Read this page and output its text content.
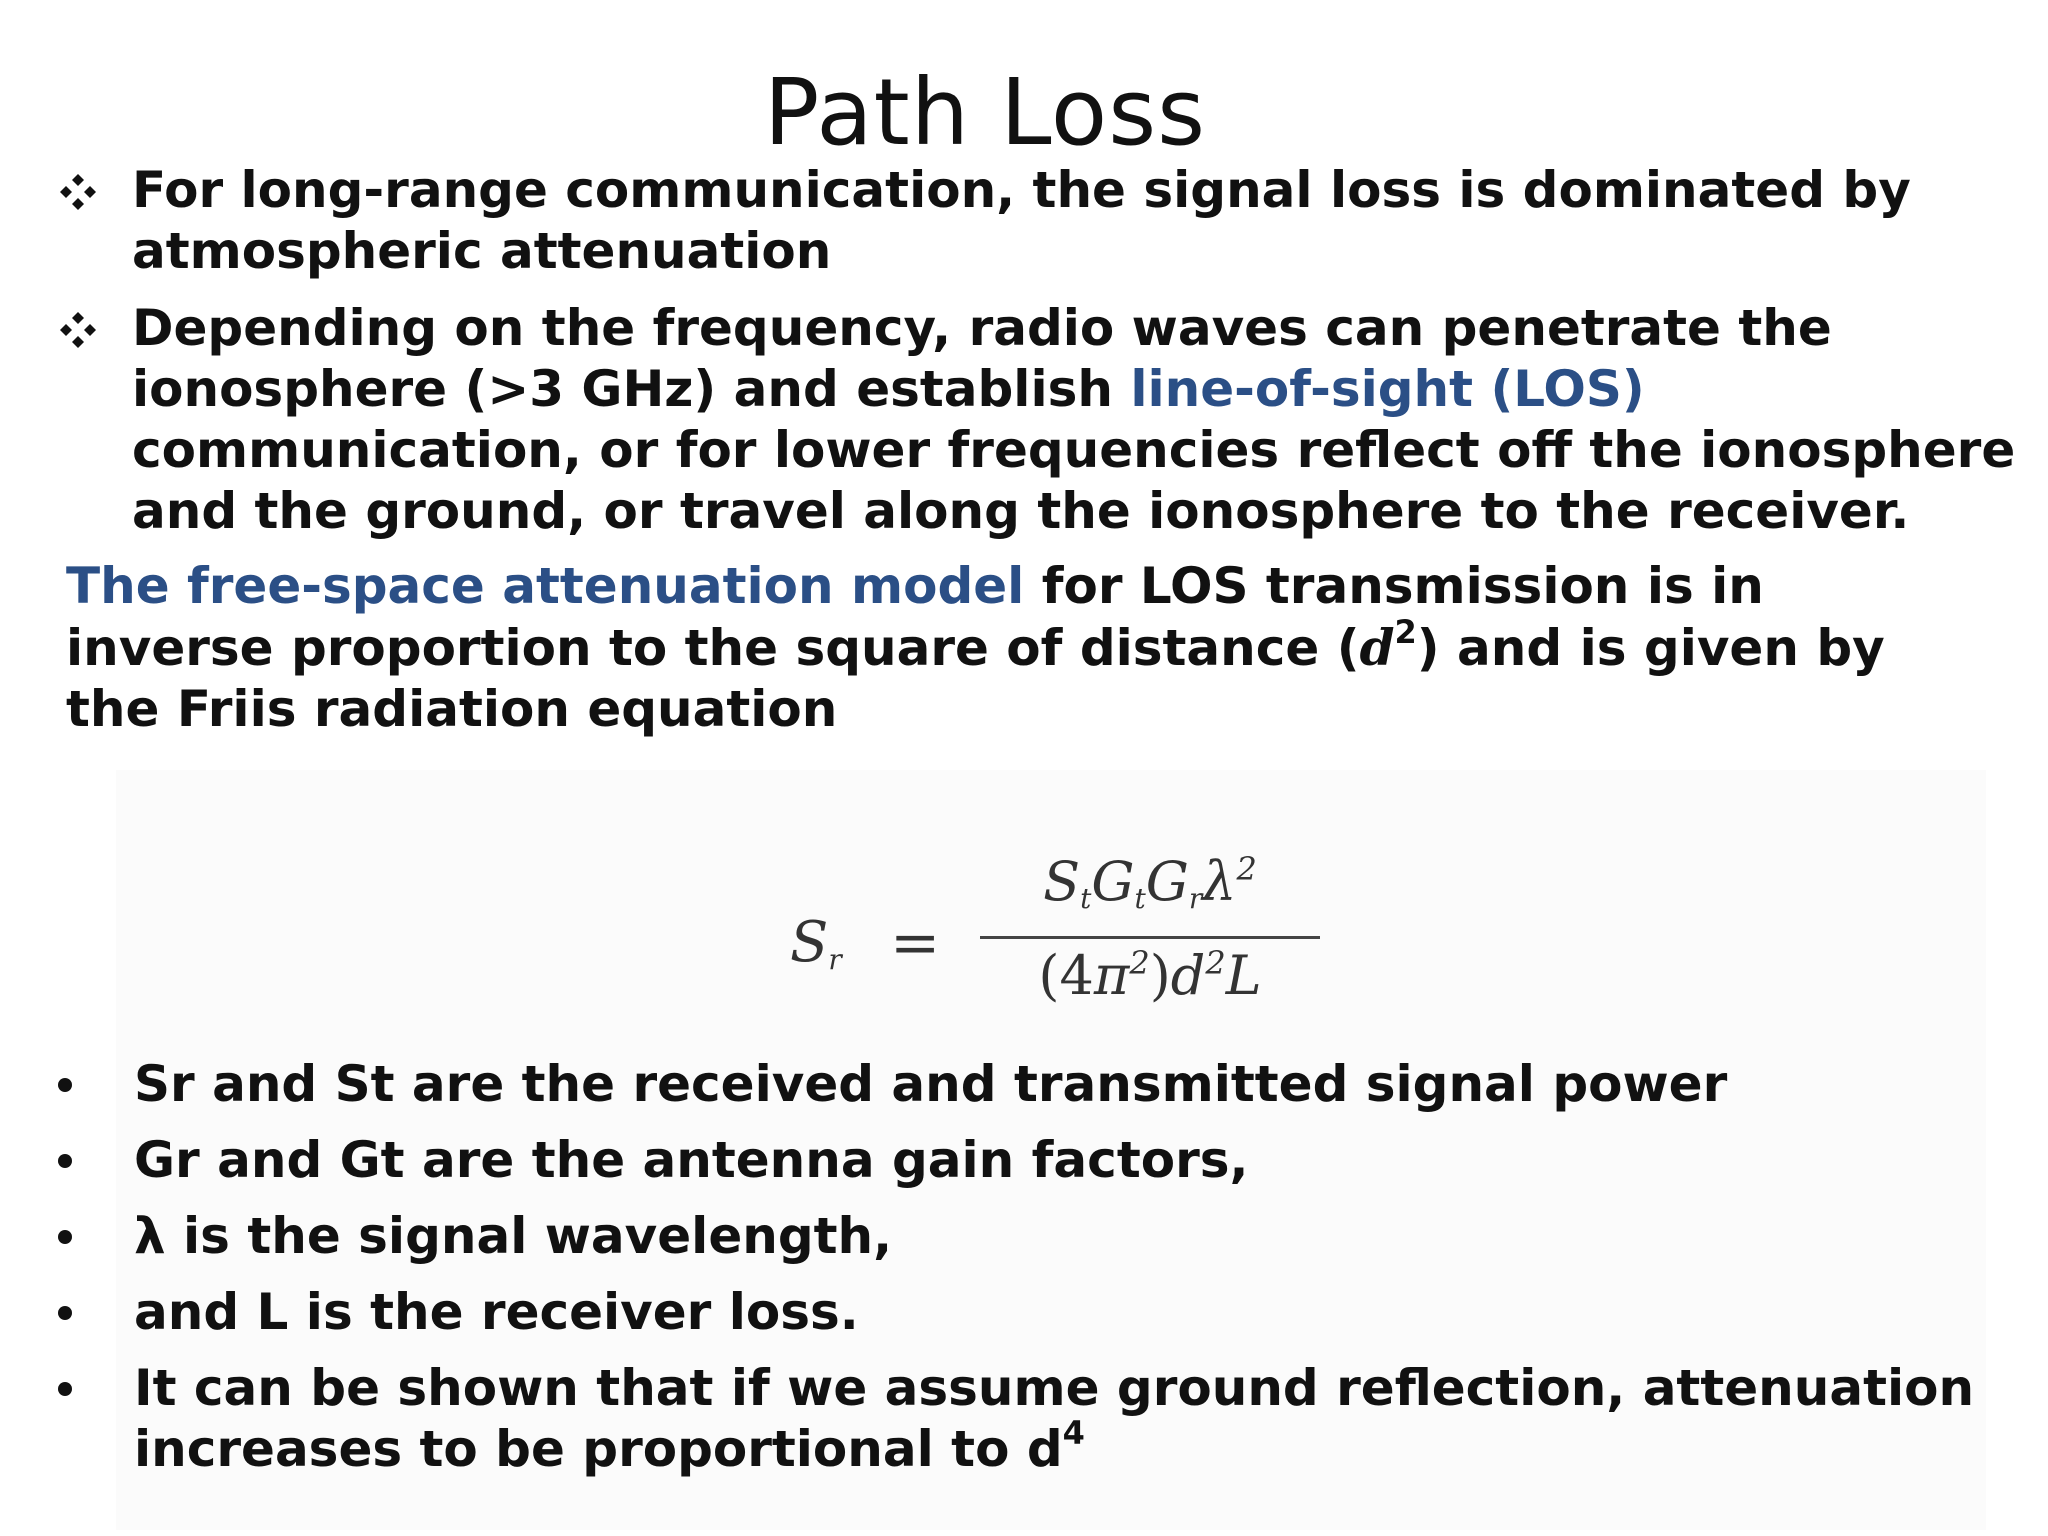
Path Loss
For long-range communication, the signal loss is dominated by atmospheric attenuation
Depending on the frequency, radio waves can penetrate the ionosphere (>3 GHz) and establish line-of-sight (LOS) communication, or for lower frequencies reflect off the ionosphere and the ground, or travel along the ionosphere to the receiver.
The free-space attenuation model for LOS transmission is in inverse proportion to the square of distance $(d^2)$ and is given by the Friis radiation equation
$S_r$ =
$S_tG_tG_r\lambda^2$
$(4\pi^2)d^2L$
Sr and St are the received and transmitted signal power
Gr and Gt are the antenna gain factors,
λ is the signal wavelength,
and L is the receiver loss.
It can be shown that if we assume ground reflection, attenuation increases to be proportional to $d^4$
